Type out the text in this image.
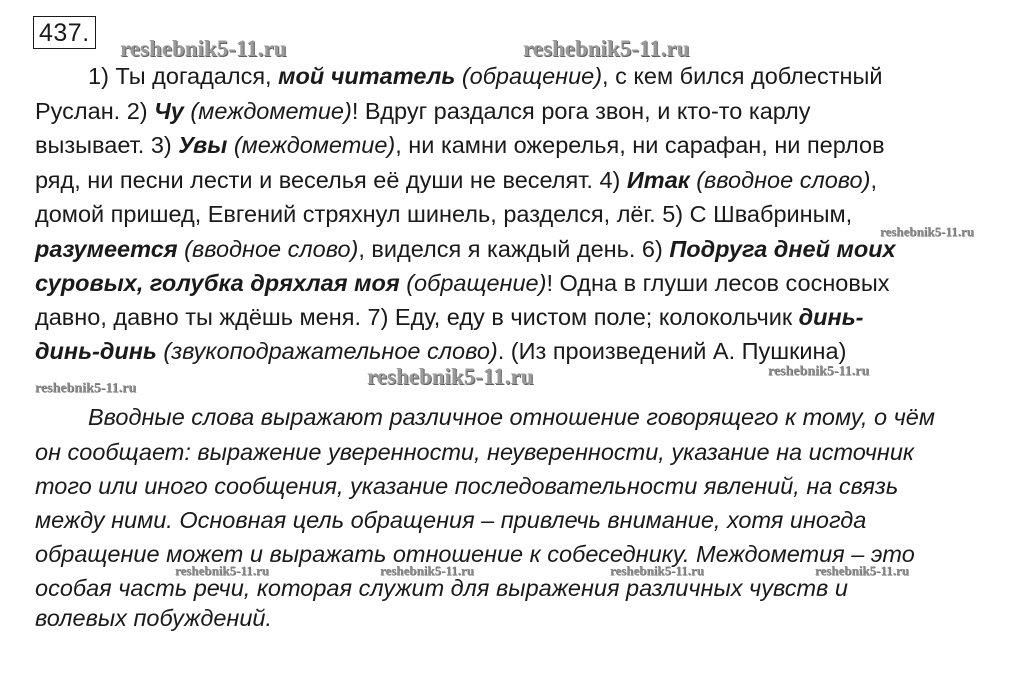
437.
reshebnik5-11.ru	reshebnik5-11.ru
reshebnik5-11.ru
reshebnik5-11.ru	reshebnik5-11.ru	reshebnik5-11.ru
reshebnik5-11.ru	reshebnik5-11.ru	reshebnik5-11.ru	reshebnik5-11.ru
1) Ты догадался, мой читатель (обращение), с кем бился доблестный
Руслан. 2) Чу (междометие)! Вдруг раздался рога звон, и кто-то карлу
вызывает. 3) Увы (междометие), ни камни ожерелья, ни сарафан, ни перлов
ряд, ни песни лести и веселья её души не веселят. 4) Итак (вводное слово),
домой пришед, Евгений стряхнул шинель, разделся, лёг. 5) С Швабриным,
разумеется (вводное слово), виделся я каждый день. 6) Подруга дней моих
суровых, голубка дряхлая моя (обращение)! Одна в глуши лесов сосновых
давно, давно ты ждёшь меня. 7) Еду, еду в чистом поле; колокольчик динь-
динь-динь (звукоподражательное слово). (Из произведений А. Пушкина)
Вводные слова выражают различное отношение говорящего к тому, о чём
он сообщает: выражение уверенности, неуверенности, указание на источник
того или иного сообщения, указание последовательности явлений, на связь
между ними. Основная цель обращения – привлечь внимание, хотя иногда
обращение может и выражать отношение к собеседнику. Междометия – это
особая часть речи, которая служит для выражения различных чувств и
волевых побуждений.
